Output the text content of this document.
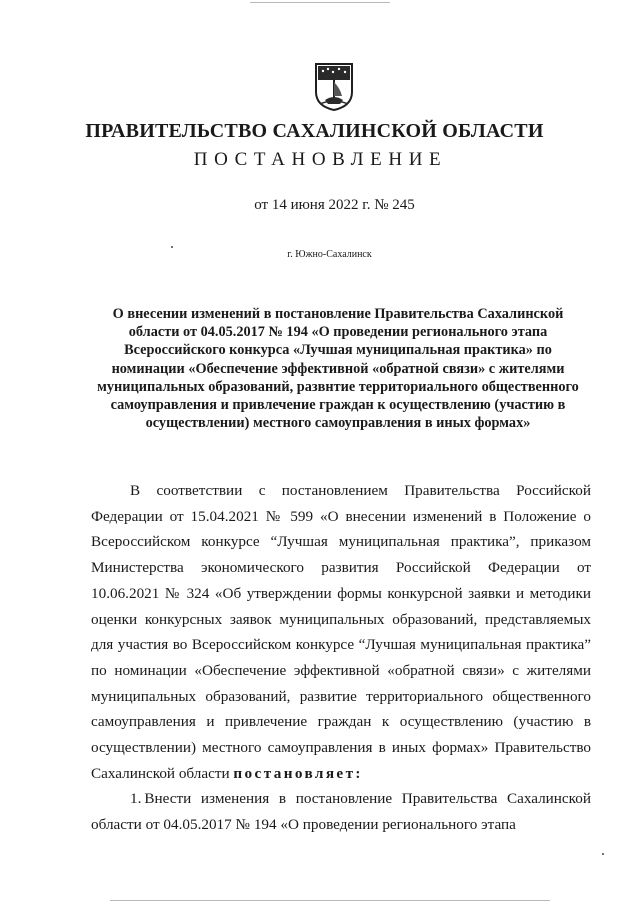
ПРАВИТЕЛЬСТВО САХАЛИНСКОЙ ОБЛАСТИ
ПОСТАНОВЛЕНИЕ
от 14 июня 2022 г. № 245
г. Южно-Сахалинск
О внесении изменений в постановление Правительства Сахалинской области от 04.05.2017 № 194 «О проведении регионального этапа Всероссийского конкурса «Лучшая муниципальная практика» по номинации «Обеспечение эффективной «обратной связи» с жителями муниципальных образований, развнтие территориального общественного самоуправления и привлечение граждан к осуществлению (участию в осуществлении) местного самоуправления в иных формах»

В соответствии с постановлением Правительства Российской Федерации от 15.04.2021 № 599 «О внесении изменений в Положение о Всероссийском конкурсе “Лучшая муниципальная практика”, приказом Министерства экономического развития Российской Федерации от 10.06.2021 № 324 «Об утверждении формы конкурсной заявки и методики оценки конкурсных заявок муниципальных образований, представляемых для участия во Всероссийском конкурсе “Лучшая муниципальная практика” по номинации «Обеспечение эффективной «обратной связи» с жителями муниципальных образований, развитие территориального общественного самоуправления и привлечение граждан к осуществлению (участию в осуществлении) местного самоуправления в иных формах» Правительство Сахалинской области постановляет:

1. Внести изменения в постановление Правительства Сахалинской области от 04.05.2017 № 194 «О проведении регионального этапа
